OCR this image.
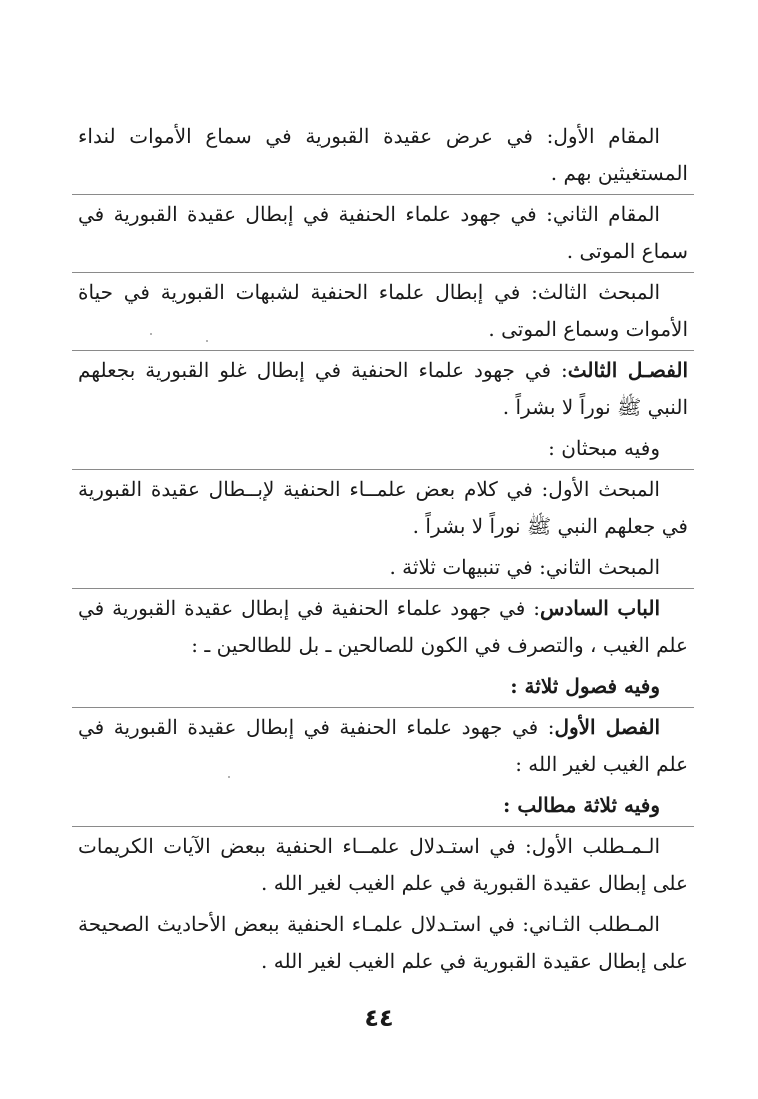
المقام الأول: في عرض عقيدة القبورية في سماع الأموات لنداء المستغيثين بهم .

المقام الثاني: في جهود علماء الحنفية في إبطال عقيدة القبورية في سماع الموتى .

المبحث الثالث: في إبطال علماء الحنفية لشبهات القبورية في حياة الأموات وسماع الموتى .

الفصـل الثالث: في جهود علماء الحنفية في إبطال غلو القبورية بجعلهم النبي ﷺ نوراً لا بشراً .

وفيه مبحثان :

المبحث الأول: في كلام بعض علمــاء الحنفية لإبــطال عقيدة القبورية في جعلهم النبي ﷺ نوراً لا بشراً .

المبحث الثاني: في تنبيهات ثلاثة .

الباب السادس: في جهود علماء الحنفية في إبطال عقيدة القبورية في علم الغيب ، والتصرف في الكون للصالحين ـ بل للطالحين ـ :

وفيه فصول ثلاثة :

الفصل الأول: في جهود علماء الحنفية في إبطال عقيدة القبورية في علم الغيب لغير الله :

وفيه ثلاثة مطالب :

الـمـطلب الأول: في استـدلال علمــاء الحنفية ببعض الآيات الكريمات على إبطال عقيدة القبورية في علم الغيب لغير الله .

المـطلب الثـاني: في استـدلال علمـاء الحنفية ببعض الأحاديث الصحيحة على إبطال عقيدة القبورية في علم الغيب لغير الله .

٤٤
